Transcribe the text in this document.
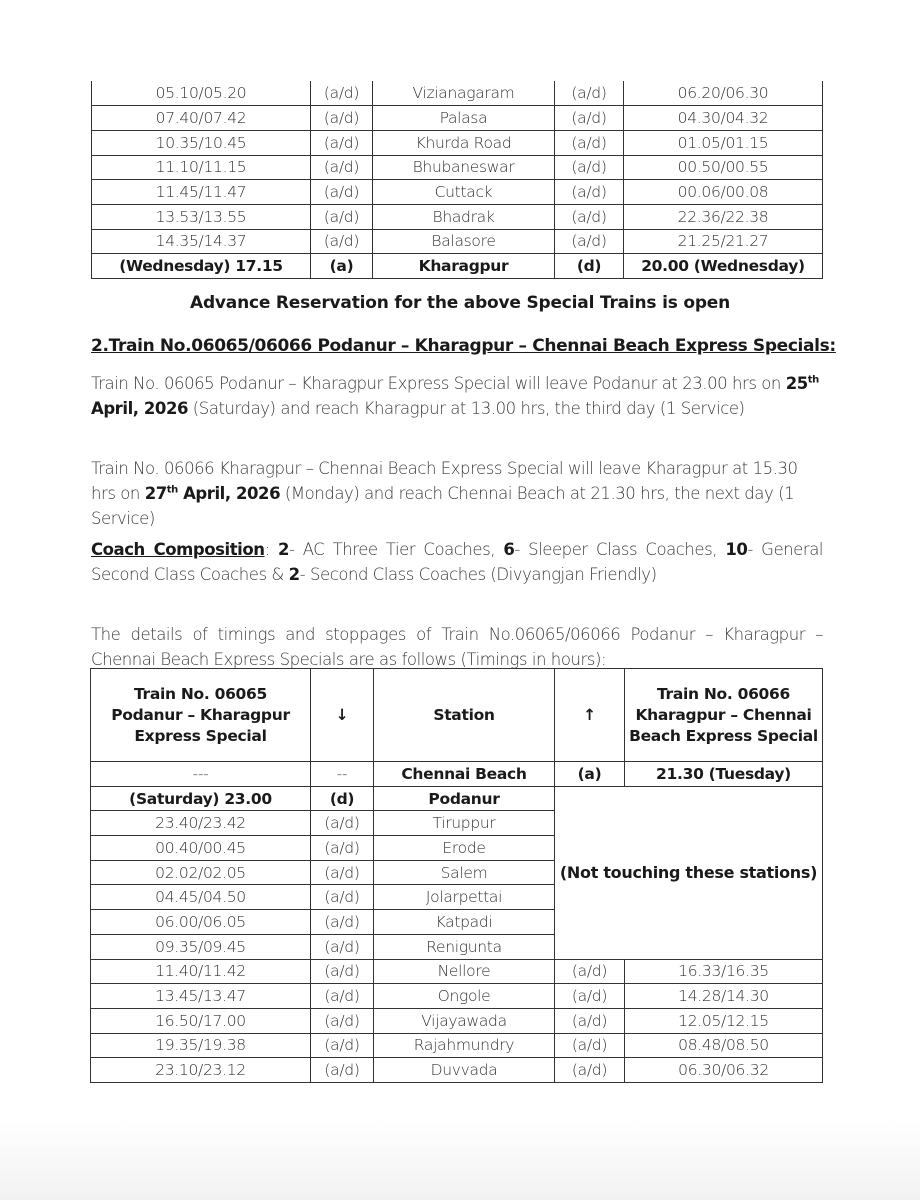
05.10/05.20	(a/d)	Vizianagaram	(a/d)	06.20/06.30
07.40/07.42	(a/d)	Palasa	(a/d)	04.30/04.32
10.35/10.45	(a/d)	Khurda Road	(a/d)	01.05/01.15
11.10/11.15	(a/d)	Bhubaneswar	(a/d)	00.50/00.55
11.45/11.47	(a/d)	Cuttack	(a/d)	00.06/00.08
13.53/13.55	(a/d)	Bhadrak	(a/d)	22.36/22.38
14.35/14.37	(a/d)	Balasore	(a/d)	21.25/21.27
(Wednesday) 17.15	(a)	Kharagpur	(d)	20.00 (Wednesday)
Advance Reservation for the above Special Trains is open
2.Train No.06065/06066 Podanur – Kharagpur – Chennai Beach Express Specials:
Train No. 06065 Podanur – Kharagpur Express Special will leave Podanur at 23.00 hrs on 25th April, 2026 (Saturday) and reach Kharagpur at 13.00 hrs, the third day (1 Service)
Train No. 06066 Kharagpur – Chennai Beach Express Special will leave Kharagpur at 15.30 hrs on 27th April, 2026 (Monday) and reach Chennai Beach at 21.30 hrs, the next day (1 Service)
Coach Composition: 2- AC Three Tier Coaches, 6- Sleeper Class Coaches, 10- General Second Class Coaches & 2- Second Class Coaches (Divyangjan Friendly)
The details of timings and stoppages of Train No.06065/06066 Podanur – Kharagpur – Chennai Beach Express Specials are as follows (Timings in hours):
Train No. 06065 Podanur – Kharagpur Express Special	↓	Station	↑	Train No. 06066 Kharagpur – Chennai Beach Express Special
---	--	Chennai Beach	(a)	21.30 (Tuesday)
(Saturday) 23.00	(d)	Podanur	(Not touching these stations)	
23.40/23.42	(a/d)	Tiruppur		
00.40/00.45	(a/d)	Erode		
02.02/02.05	(a/d)	Salem		
04.45/04.50	(a/d)	Jolarpettai		
06.00/06.05	(a/d)	Katpadi		
09.35/09.45	(a/d)	Renigunta		
11.40/11.42	(a/d)	Nellore	(a/d)	16.33/16.35
13.45/13.47	(a/d)	Ongole	(a/d)	14.28/14.30
16.50/17.00	(a/d)	Vijayawada	(a/d)	12.05/12.15
19.35/19.38	(a/d)	Rajahmundry	(a/d)	08.48/08.50
23.10/23.12	(a/d)	Duvvada	(a/d)	06.30/06.32
